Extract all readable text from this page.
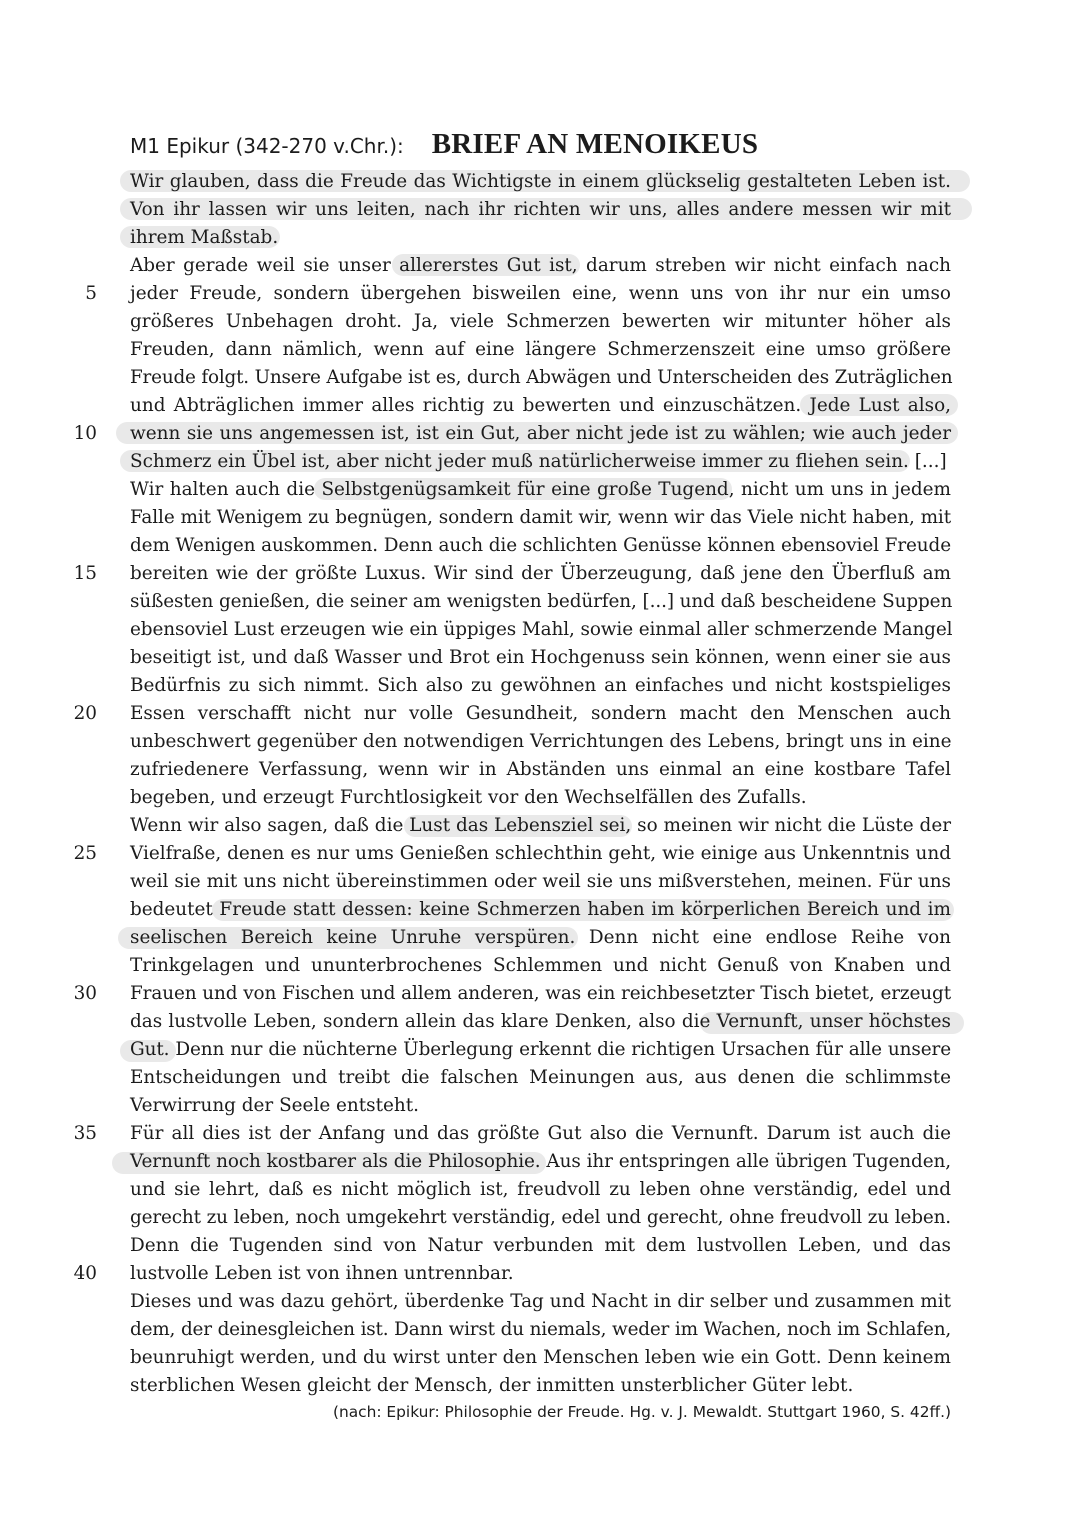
M1 Epikur (342-270 v.Chr.): BRIEF AN MENOIKEUS
5
10
15
20
25
30
35
40
Wir glauben, dass die Freude das Wichtigste in einem glückselig gestalteten Leben ist.
Von ihr lassen wir uns leiten, nach ihr richten wir uns, alles andere messen wir mit
ihrem Maßstab.
Aber gerade weil sie unser allererstes Gut ist, darum streben wir nicht einfach nach
jeder Freude, sondern übergehen bisweilen eine, wenn uns von ihr nur ein umso
größeres Unbehagen droht. Ja, viele Schmerzen bewerten wir mitunter höher als
Freuden, dann nämlich, wenn auf eine längere Schmerzenszeit eine umso größere
Freude folgt. Unsere Aufgabe ist es, durch Abwägen und Unterscheiden des Zuträglichen
und Abträglichen immer alles richtig zu bewerten und einzuschätzen. Jede Lust also,
wenn sie uns angemessen ist, ist ein Gut, aber nicht jede ist zu wählen; wie auch jeder
Schmerz ein Übel ist, aber nicht jeder muß natürlicherweise immer zu fliehen sein. [...]
Wir halten auch die Selbstgenügsamkeit für eine große Tugend, nicht um uns in jedem
Falle mit Wenigem zu begnügen, sondern damit wir, wenn wir das Viele nicht haben, mit
dem Wenigen auskommen. Denn auch die schlichten Genüsse können ebensoviel Freude
bereiten wie der größte Luxus. Wir sind der Überzeugung, daß jene den Überfluß am
süßesten genießen, die seiner am wenigsten bedürfen, [...] und daß bescheidene Suppen
ebensoviel Lust erzeugen wie ein üppiges Mahl, sowie einmal aller schmerzende Mangel
beseitigt ist, und daß Wasser und Brot ein Hochgenuss sein können, wenn einer sie aus
Bedürfnis zu sich nimmt. Sich also zu gewöhnen an einfaches und nicht kostspieliges
Essen verschafft nicht nur volle Gesundheit, sondern macht den Menschen auch
unbeschwert gegenüber den notwendigen Verrichtungen des Lebens, bringt uns in eine
zufriedenere Verfassung, wenn wir in Abständen uns einmal an eine kostbare Tafel
begeben, und erzeugt Furchtlosigkeit vor den Wechselfällen des Zufalls.
Wenn wir also sagen, daß die Lust das Lebensziel sei, so meinen wir nicht die Lüste der
Vielfraße, denen es nur ums Genießen schlechthin geht, wie einige aus Unkenntnis und
weil sie mit uns nicht übereinstimmen oder weil sie uns mißverstehen, meinen. Für uns
bedeutet Freude statt dessen: keine Schmerzen haben im körperlichen Bereich und im
seelischen Bereich keine Unruhe verspüren. Denn nicht eine endlose Reihe von
Trinkgelagen und ununterbrochenes Schlemmen und nicht Genuß von Knaben und
Frauen und von Fischen und allem anderen, was ein reichbesetzter Tisch bietet, erzeugt
das lustvolle Leben, sondern allein das klare Denken, also die Vernunft, unser höchstes
Gut. Denn nur die nüchterne Überlegung erkennt die richtigen Ursachen für alle unsere
Entscheidungen und treibt die falschen Meinungen aus, aus denen die schlimmste
Verwirrung der Seele entsteht.
Für all dies ist der Anfang und das größte Gut also die Vernunft. Darum ist auch die
Vernunft noch kostbarer als die Philosophie. Aus ihr entspringen alle übrigen Tugenden,
und sie lehrt, daß es nicht möglich ist, freudvoll zu leben ohne verständig, edel und
gerecht zu leben, noch umgekehrt verständig, edel und gerecht, ohne freudvoll zu leben.
Denn die Tugenden sind von Natur verbunden mit dem lustvollen Leben, und das
lustvolle Leben ist von ihnen untrennbar.
Dieses und was dazu gehört, überdenke Tag und Nacht in dir selber und zusammen mit
dem, der deinesgleichen ist. Dann wirst du niemals, weder im Wachen, noch im Schlafen,
beunruhigt werden, und du wirst unter den Menschen leben wie ein Gott. Denn keinem
sterblichen Wesen gleicht der Mensch, der inmitten unsterblicher Güter lebt.
(nach: Epikur: Philosophie der Freude. Hg. v. J. Mewaldt. Stuttgart 1960, S. 42ff.)
